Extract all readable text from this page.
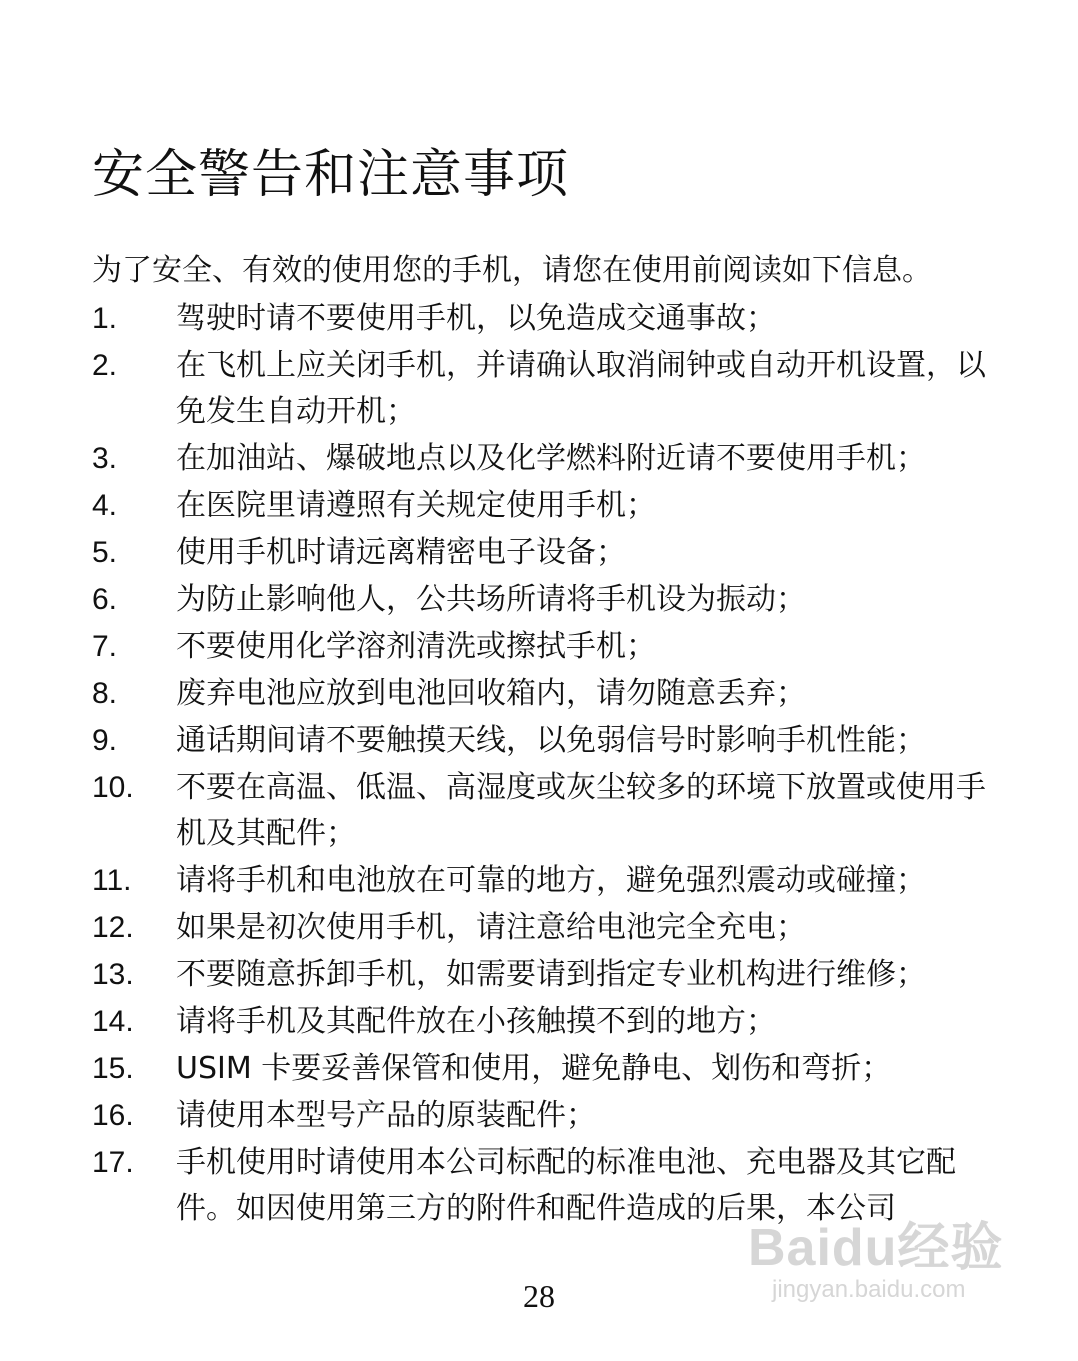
安全警告和注意事项

为了安全、有效的使用您的手机，请您在使用前阅读如下信息。

1.	驾驶时请不要使用手机，以免造成交通事故；
2.	在飞机上应关闭手机，并请确认取消闹钟或自动开机设置，以免发生自动开机；
3.	在加油站、爆破地点以及化学燃料附近请不要使用手机；
4.	在医院里请遵照有关规定使用手机；
5.	使用手机时请远离精密电子设备；
6.	为防止影响他人，公共场所请将手机设为振动；
7.	不要使用化学溶剂清洗或擦拭手机；
8.	废弃电池应放到电池回收箱内，请勿随意丢弃；
9.	通话期间请不要触摸天线，以免弱信号时影响手机性能；
10.	不要在高温、低温、高湿度或灰尘较多的环境下放置或使用手机及其配件；
11.	请将手机和电池放在可靠的地方，避免强烈震动或碰撞；
12.	如果是初次使用手机，请注意给电池完全充电；
13.	不要随意拆卸手机，如需要请到指定专业机构进行维修；
14.	请将手机及其配件放在小孩触摸不到的地方；
15.	USIM 卡要妥善保管和使用，避免静电、划伤和弯折；
16.	请使用本型号产品的原装配件；
17.	手机使用时请使用本公司标配的标准电池、充电器及其它配件。如因使用第三方的附件和配件造成的后果，本公司
28
Baidu经验
jingyan.baidu.com
